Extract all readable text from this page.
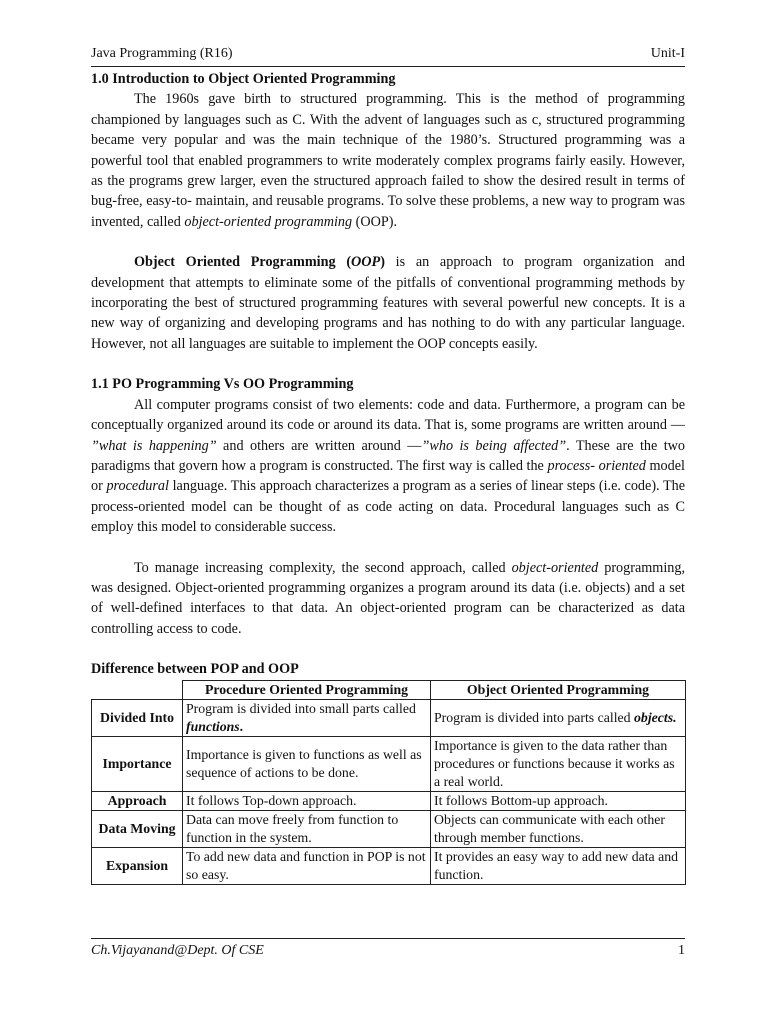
Java Programming (R16)	Unit-I
1.0 Introduction to Object Oriented Programming

The 1960s gave birth to structured programming. This is the method of programming championed by languages such as C. With the advent of languages such as c, structured programming became very popular and was the main technique of the 1980’s. Structured programming was a powerful tool that enabled programmers to write moderately complex programs fairly easily. However, as the programs grew larger, even the structured approach failed to show the desired result in terms of bug-free, easy-to- maintain, and reusable programs. To solve these problems, a new way to program was invented, called object-oriented programming (OOP).

Object Oriented Programming (OOP) is an approach to program organization and development that attempts to eliminate some of the pitfalls of conventional programming methods by incorporating the best of structured programming features with several powerful new concepts. It is a new way of organizing and developing programs and has nothing to do with any particular language. However, not all languages are suitable to implement the OOP concepts easily.

1.1 PO Programming Vs OO Programming

All computer programs consist of two elements: code and data. Furthermore, a program can be conceptually organized around its code or around its data. That is, some programs are written around — ”what is happening” and others are written around —”who is being affected”. These are the two paradigms that govern how a program is constructed. The first way is called the process- oriented model or procedural language. This approach characterizes a program as a series of linear steps (i.e. code). The process-oriented model can be thought of as code acting on data. Procedural languages such as C employ this model to considerable success.

To manage increasing complexity, the second approach, called object-oriented programming, was designed. Object-oriented programming organizes a program around its data (i.e. objects) and a set of well-defined interfaces to that data. An object-oriented program can be characterized as data controlling access to code.

Difference between POP and OOP
	Procedure Oriented Programming	Object Oriented Programming
Divided Into	Program is divided into small parts called functions.	Program is divided into parts called objects.
Importance	Importance is given to functions as well as sequence of actions to be done.	Importance is given to the data rather than procedures or functions because it works as a real world.
Approach	It follows Top-down approach.	It follows Bottom-up approach.
Data Moving	Data can move freely from function to function in the system.	Objects can communicate with each other through member functions.
Expansion	To add new data and function in POP is not so easy.	It provides an easy way to add new data and function.
Ch.Vijayanand@Dept. Of CSE	1
